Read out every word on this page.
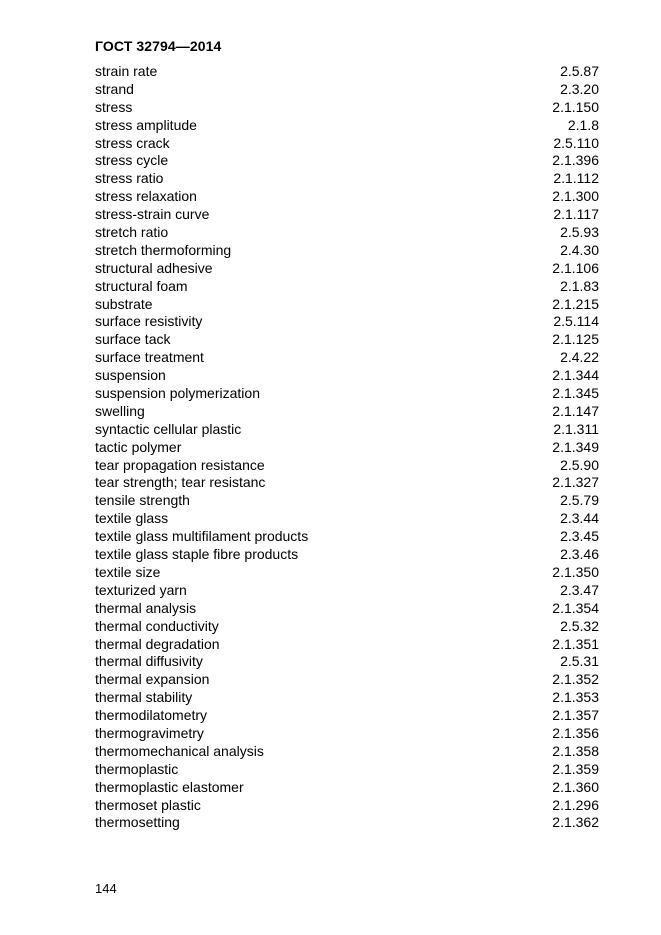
ГОСТ 32794—2014
strain rate	2.5.87
strand	2.3.20
stress	2.1.150
stress amplitude	2.1.8
stress crack	2.5.110
stress cycle	2.1.396
stress ratio	2.1.112
stress relaxation	2.1.300
stress-strain curve	2.1.117
stretch ratio	2.5.93
stretch thermoforming	2.4.30
structural adhesive	2.1.106
structural foam	2.1.83
substrate	2.1.215
surface resistivity	2.5.114
surface tack	2.1.125
surface treatment	2.4.22
suspension	2.1.344
suspension polymerization	2.1.345
swelling	2.1.147
syntactic cellular plastic	2.1.311
tactic polymer	2.1.349
tear propagation resistance	2.5.90
tear strength; tear resistanc	2.1.327
tensile strength	2.5.79
textile glass	2.3.44
textile glass multifilament products	2.3.45
textile glass staple fibre products	2.3.46
textile size	2.1.350
texturized yarn	2.3.47
thermal analysis	2.1.354
thermal conductivity	2.5.32
thermal degradation	2.1.351
thermal diffusivity	2.5.31
thermal expansion	2.1.352
thermal stability	2.1.353
thermodilatometry	2.1.357
thermogravimetry	2.1.356
thermomechanical analysis	2.1.358
thermoplastic	2.1.359
thermoplastic elastomer	2.1.360
thermoset plastic	2.1.296
thermosetting	2.1.362
144
